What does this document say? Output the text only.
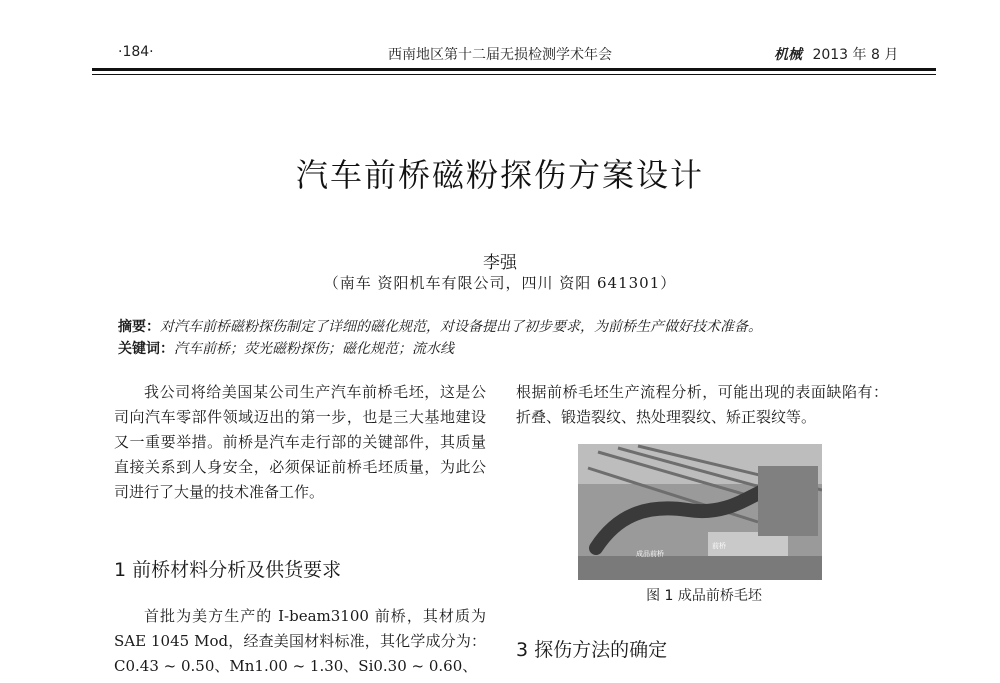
·184·	西南地区第十二届无损检测学术年会	机械 2013 年 8 月
汽车前桥磁粉探伤方案设计
李强
（南车 资阳机车有限公司，四川 资阳 641301）
摘要：对汽车前桥磁粉探伤制定了详细的磁化规范，对设备提出了初步要求，为前桥生产做好技术准备。
关键词：汽车前桥；荧光磁粉探伤；磁化规范；流水线
我公司将给美国某公司生产汽车前桥毛坯，这是公司向汽车零部件领域迈出的第一步，也是三大基地建设又一重要举措。前桥是汽车走行部的关键部件，其质量直接关系到人身安全，必须保证前桥毛坯质量，为此公司进行了大量的技术准备工作。
1 前桥材料分析及供货要求
首批为美方生产的 I-beam3100 前桥，其材质为 SAE 1045 Mod，经查美国材料标准，其化学成分为：C0.43 ~ 0.50、Mn1.00 ~ 1.30、Si0.30 ~ 0.60、
根据前桥毛坯生产流程分析，可能出现的表面缺陷有：折叠、锻造裂纹、热处理裂纹、矫正裂纹等。
成品前桥
前桥
图 1 成品前桥毛坯
3 探伤方法的确定
